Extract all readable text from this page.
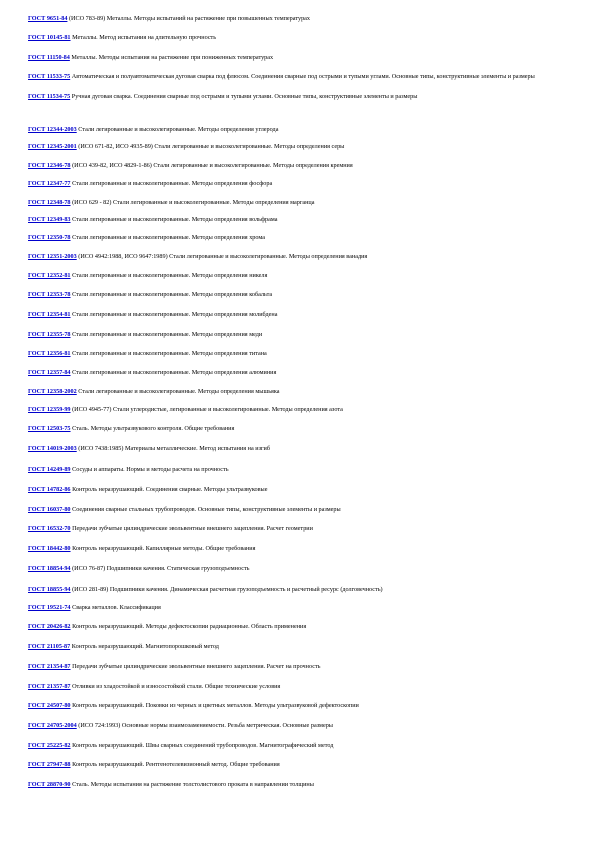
ГОСТ 9651-84 (ИСО 783-89) Металлы. Методы испытаний на растяжение при повышенных температурах
ГОСТ 10145-81 Металлы. Метод испытания на длительную прочность
ГОСТ 11150-84 Металлы. Методы испытания на растяжение при пониженных температурах
ГОСТ 11533-75 Автоматическая и полуавтоматическая дуговая сварка под флюсом. Соединения сварные под острыми и тупыми углами. Основные типы, конструктивные элементы и размеры
ГОСТ 11534-75 Ручная дуговая сварка. Соединения сварные под острыми и тупыми углами. Основные типы, конструктивные элементы и размеры
ГОСТ 12344-2003 Стали легированные и высоколегированные. Методы определения углерода
ГОСТ 12345-2001 (ИСО 671-82, ИСО 4935-89) Стали легированные и высоколегированные. Методы определения серы
ГОСТ 12346-78 (ИСО 439-82, ИСО 4829-1-86) Стали легированные и высоколегированные. Методы определения кремния
ГОСТ 12347-77 Стали легированные и высоколегированные. Методы определения фосфора
ГОСТ 12348-78 (ИСО 629 - 82) Стали легированные и высоколегированные. Методы определения марганца
ГОСТ 12349-83 Стали легированные и высоколегированные. Методы определения вольфрама
ГОСТ 12350-78 Стали легированные и высоколегированные. Методы определения хрома
ГОСТ 12351-2003 (ИСО 4942:1988, ИСО 9647:1989) Стали легированные и высоколегированные. Методы определения ванадия
ГОСТ 12352-81 Стали легированные и высоколегированные. Методы определения никеля
ГОСТ 12353-78 Стали легированные и высоколегированные. Методы определения кобальта
ГОСТ 12354-81 Стали легированные и высоколегированные. Методы определения молибдена
ГОСТ 12355-78 Стали легированные и высоколегированные. Методы определения меди
ГОСТ 12356-81 Стали легированные и высоколегированные. Методы определения титана
ГОСТ 12357-84 Стали легированные и высоколегированные. Методы определения алюминия
ГОСТ 12358-2002 Стали легированные и высоколегированные. Методы определения мышьяка
ГОСТ 12359-99 (ИСО 4945-77) Стали углеродистые, легированные и высоколегированные. Методы определения азота
ГОСТ 12503-75 Сталь. Методы ультразвукового контроля. Общие требования
ГОСТ 14019-2003 (ИСО 7438:1985) Материалы металлические. Метод испытания на изгиб
ГОСТ 14249-89 Сосуды и аппараты. Нормы и методы расчета на прочность
ГОСТ 14782-86 Контроль неразрушающий. Соединения сварные. Методы ультразвуковые
ГОСТ 16037-80 Соединения сварные стальных трубопроводов. Основные типы, конструктивные элементы и размеры
ГОСТ 16532-70 Передачи зубчатые цилиндрические эвольвентные внешнего зацепления. Расчет геометрии
ГОСТ 18442-80 Контроль неразрушающий. Капиллярные методы. Общие требования
ГОСТ 18854-94 (ИСО 76-87) Подшипники качения. Статическая грузоподъемность
ГОСТ 18855-94 (ИСО 281-89) Подшипники качения. Динамическая расчетная грузоподъемность и расчетный ресурс (долговечность)
ГОСТ 19521-74 Сварка металлов. Классификация
ГОСТ 20426-82 Контроль неразрушающий. Методы дефектоскопии радиационные. Область применения
ГОСТ 21105-87 Контроль неразрушающий. Магнитопорошковый метод
ГОСТ 21354-87 Передачи зубчатые цилиндрические эвольвентные внешнего зацепления. Расчет на прочность
ГОСТ 21357-87 Отливки из хладостойкой и износостойкой стали. Общие технические условия
ГОСТ 24507-80 Контроль неразрушающий. Поковки из черных и цветных металлов. Методы ультразвуковой дефектоскопии
ГОСТ 24705-2004 (ИСО 724:1993) Основные нормы взаимозаменяемости. Резьба метрическая. Основные размеры
ГОСТ 25225-82 Контроль неразрушающий. Швы сварных соединений трубопроводов. Магнитографический метод
ГОСТ 27947-88 Контроль неразрушающий. Рентгенотелевизионный метод. Общие требования
ГОСТ 28870-90 Сталь. Методы испытания на растяжение толстолистового проката в направлении толщины
